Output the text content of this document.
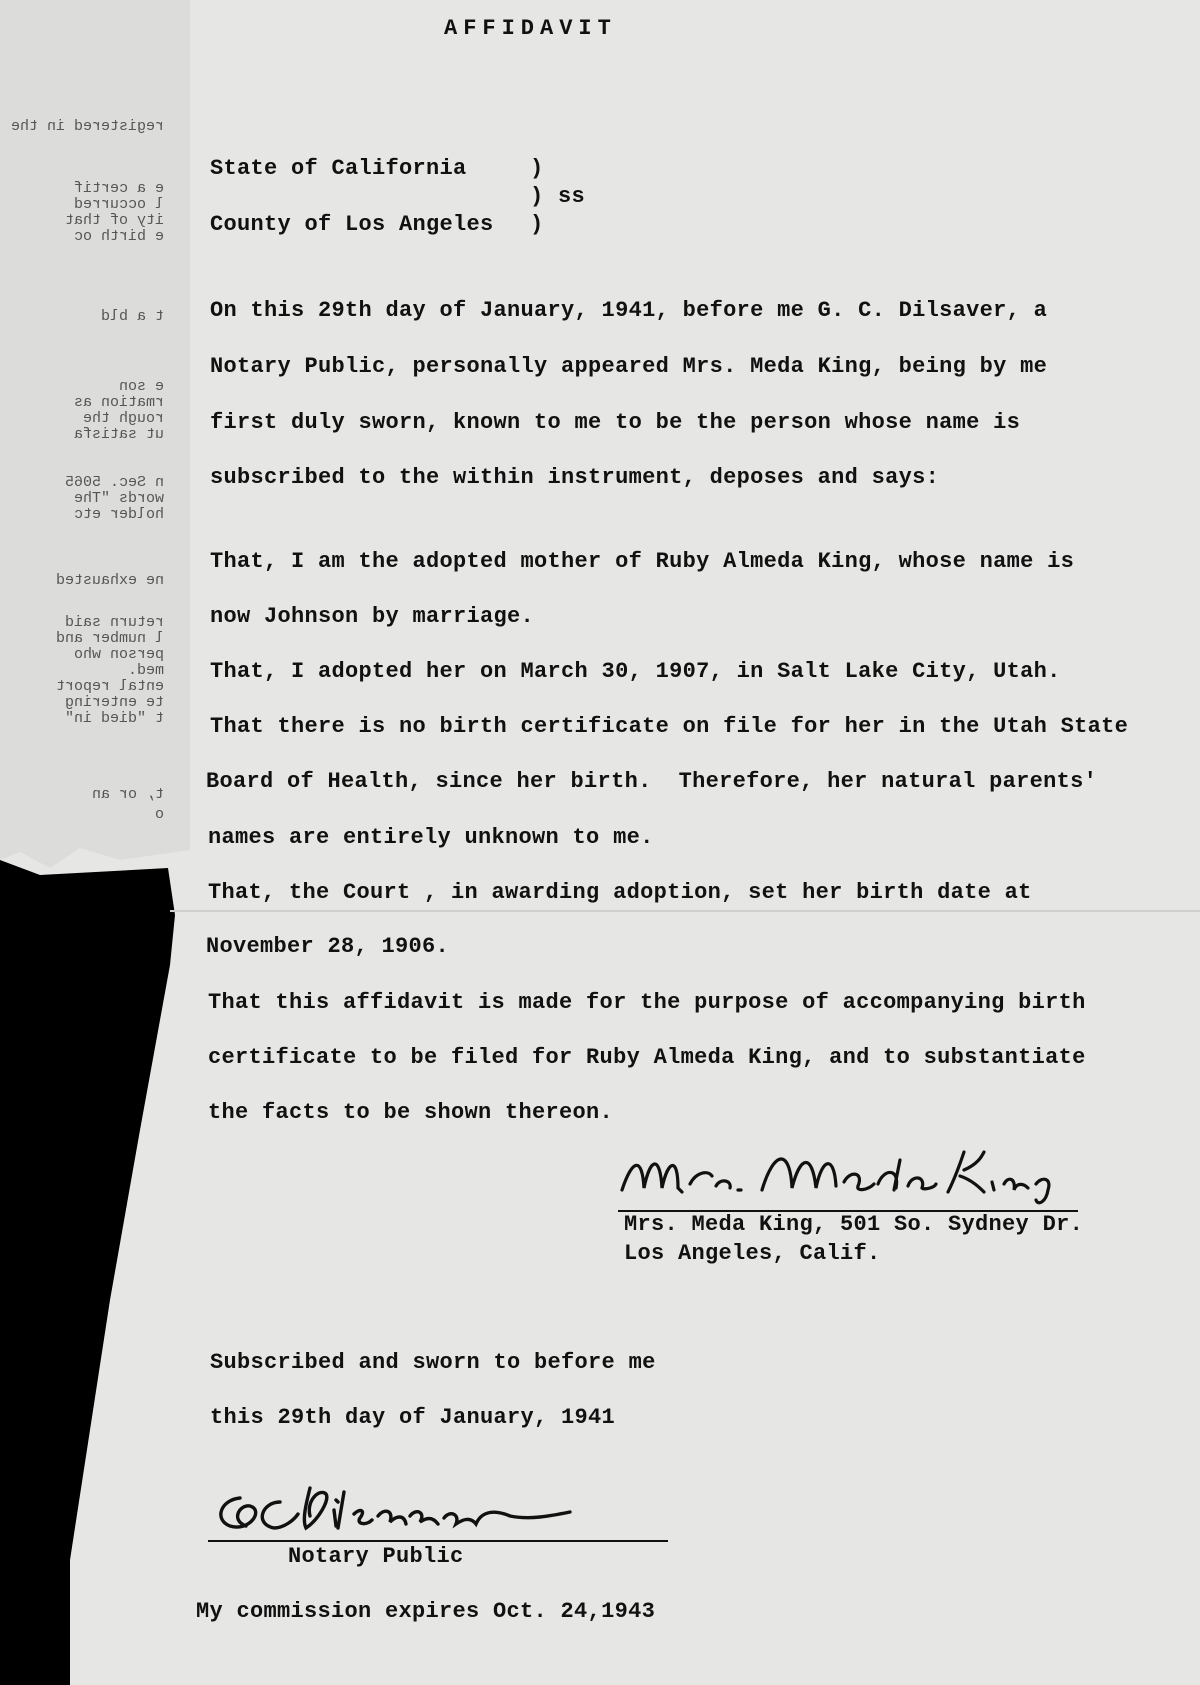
registered in the
e a certif
l occurred
ity of that
e birth oc
t a bld
e son
rmation as
rough the
ut satisfa
n Sec. 5065
words "The
holder etc
ne exhausted
return said
l number and
person who
med.
ental report
te entering
t "died in"
t, or an
o
AFFIDAVIT
State of California
County of Los Angeles
)
)
)
ss
On this 29th day of January, 1941, before me G. C. Dilsaver, a
Notary Public, personally appeared Mrs. Meda King, being by me
first duly sworn, known to me to be the person whose name is
subscribed to the within instrument, deposes and says:
That, I am the adopted mother of Ruby Almeda King, whose name is
now Johnson by marriage.
That, I adopted her on March 30, 1907, in Salt Lake City, Utah.
That there is no birth certificate on file for her in the Utah State
Board of Health, since her birth.  Therefore, her natural parents'
names are entirely unknown to me.
That, the Court , in awarding adoption, set her birth date at
November 28, 1906.
That this affidavit is made for the purpose of accompanying birth
certificate to be filed for Ruby Almeda King, and to substantiate
the facts to be shown thereon.
Mrs. Meda King, 501 So. Sydney Dr.
Los Angeles, Calif.
Subscribed and sworn to before me
this 29th day of January, 1941
Notary Public
My commission expires Oct. 24,1943
